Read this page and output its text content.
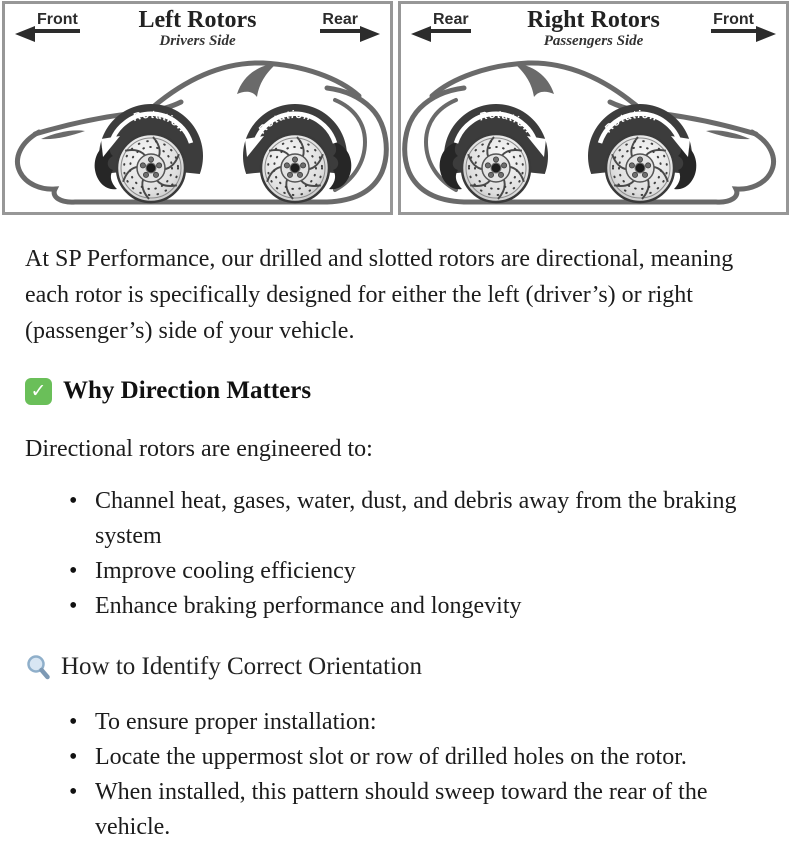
Rotation	Rotation
Front	Rear
Left Rotors
Drivers Side
Rotation	Rotation
Rear	Front
Right Rotors
Passengers Side

At SP Performance, our drilled and slotted rotors are directional, meaning each rotor is specifically designed for either the left (driver’s) or right (passenger’s) side of your vehicle.

✓ Why Direction Matters

Directional rotors are engineered to:

• Channel heat, gases, water, dust, and debris away from the braking system
• Improve cooling efficiency
• Enhance braking performance and longevity
How to Identify Correct Orientation
• To ensure proper installation:
• Locate the uppermost slot or row of drilled holes on the rotor.
• When installed, this pattern should sweep toward the rear of the vehicle.
